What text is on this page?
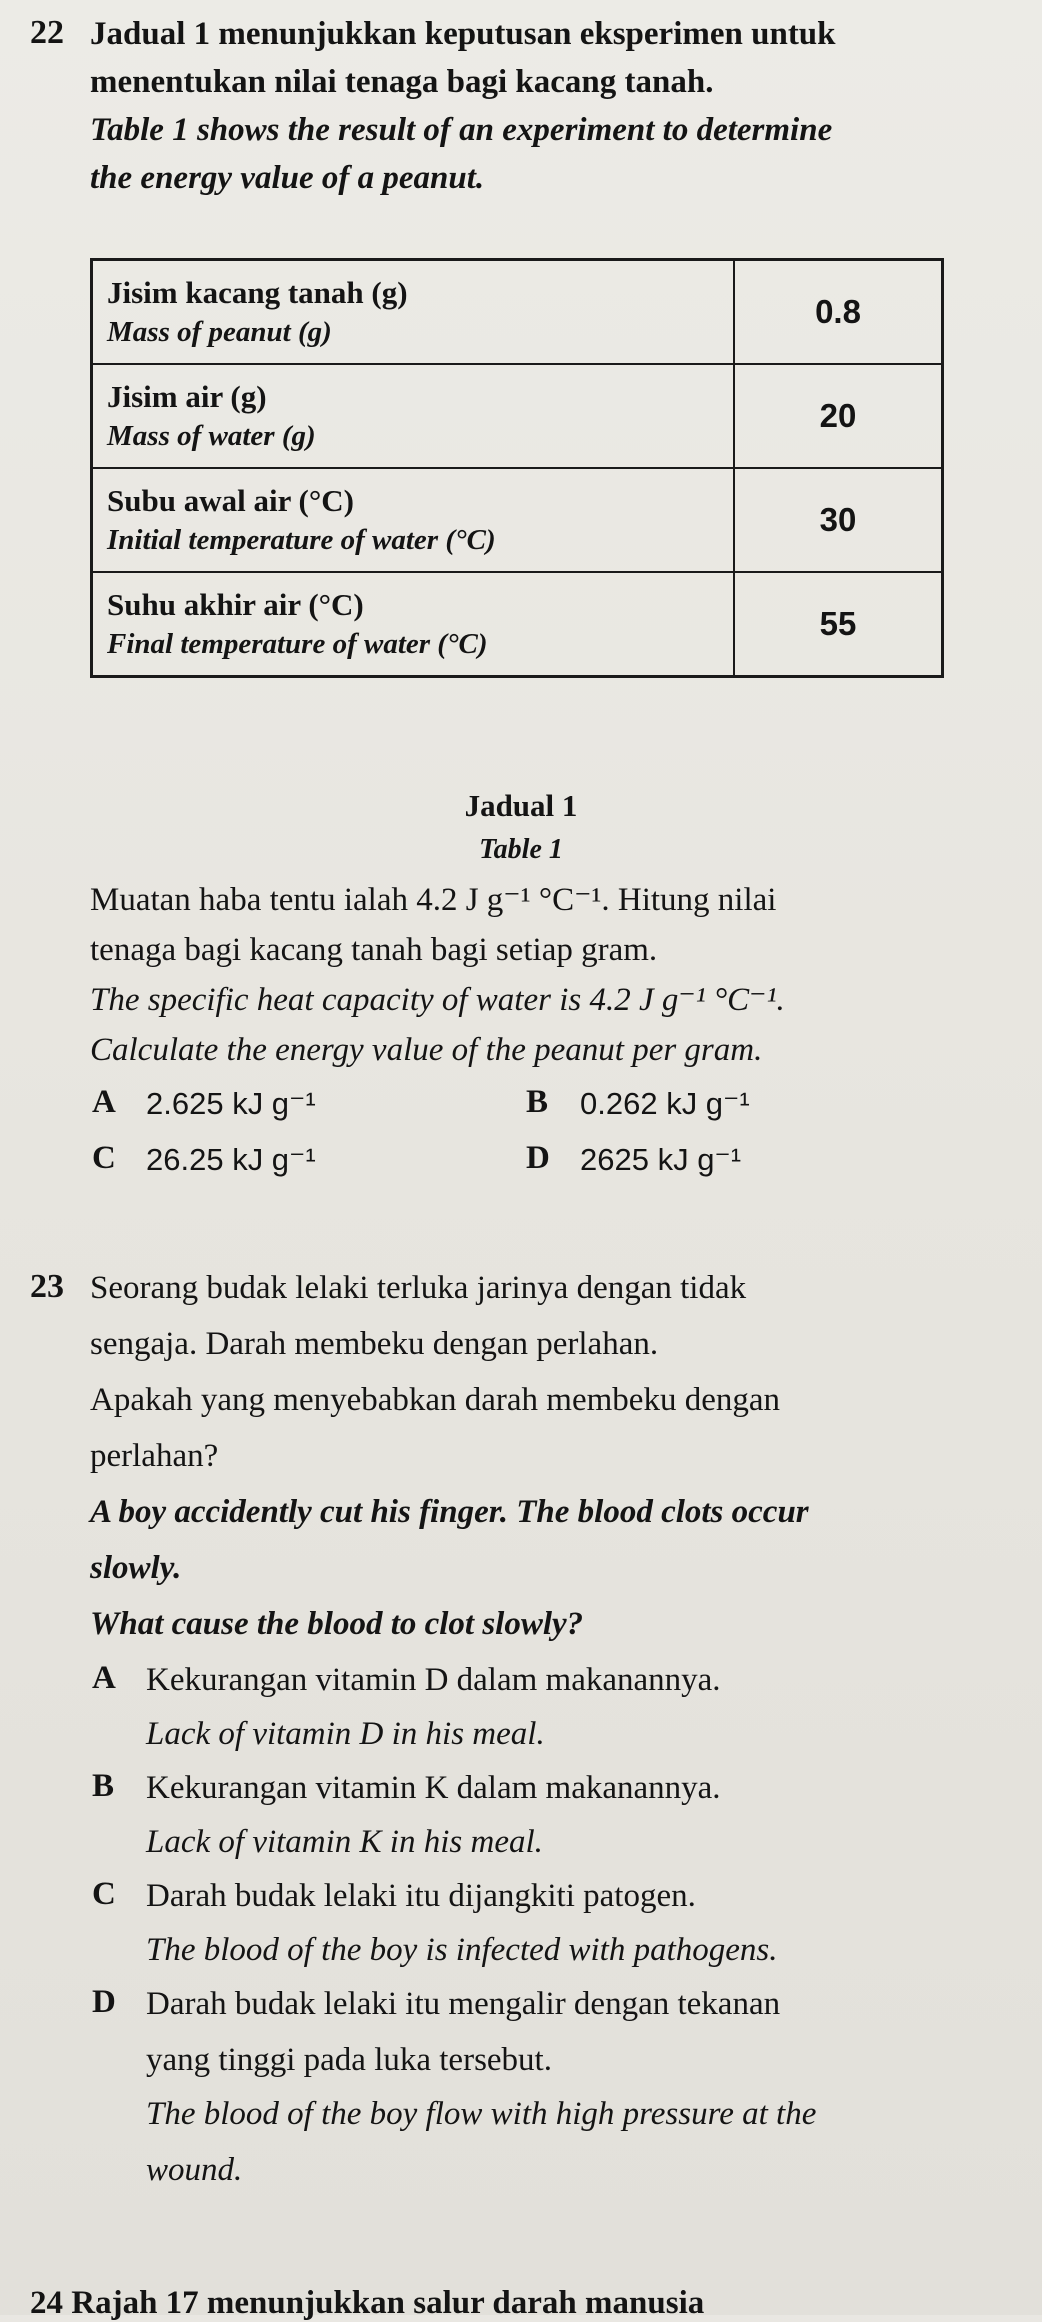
22 Jadual 1 menunjukkan keputusan eksperimen untuk
menentukan nilai tenaga bagi kacang tanah.
Table 1 shows the result of an experiment to determine
the energy value of a peanut.
Jisim kacang tanah (g)
Mass of peanut (g)	0.8

Jisim air (g)
Mass of water (g)	20

Subu awal air (°C)
Initial temperature of water (°C)	30

Suhu akhir air (°C)
Final temperature of water (°C)	55
Jadual 1
Table 1
Muatan haba tentu ialah 4.2 J g⁻¹ °C⁻¹. Hitung nilai
tenaga bagi kacang tanah bagi setiap gram.
The specific heat capacity of water is 4.2 J g⁻¹ °C⁻¹.
Calculate the energy value of the peanut per gram.
A 2.625 kJ g⁻¹	B 0.262 kJ g⁻¹
C 26.25 kJ g⁻¹	D 2625 kJ g⁻¹
23 Seorang budak lelaki terluka jarinya dengan tidak
sengaja. Darah membeku dengan perlahan.
Apakah yang menyebabkan darah membeku dengan
perlahan?
A boy accidently cut his finger. The blood clots occur
slowly.
What cause the blood to clot slowly?
A Kekurangan vitamin D dalam makanannya.
Lack of vitamin D in his meal.
B Kekurangan vitamin K dalam makanannya.
Lack of vitamin K in his meal.
C Darah budak lelaki itu dijangkiti patogen.
The blood of the boy is infected with pathogens.
D Darah budak lelaki itu mengalir dengan tekanan
yang tinggi pada luka tersebut.
The blood of the boy flow with high pressure at the
wound.
24 Rajah 17 menunjukkan salur darah manusia
